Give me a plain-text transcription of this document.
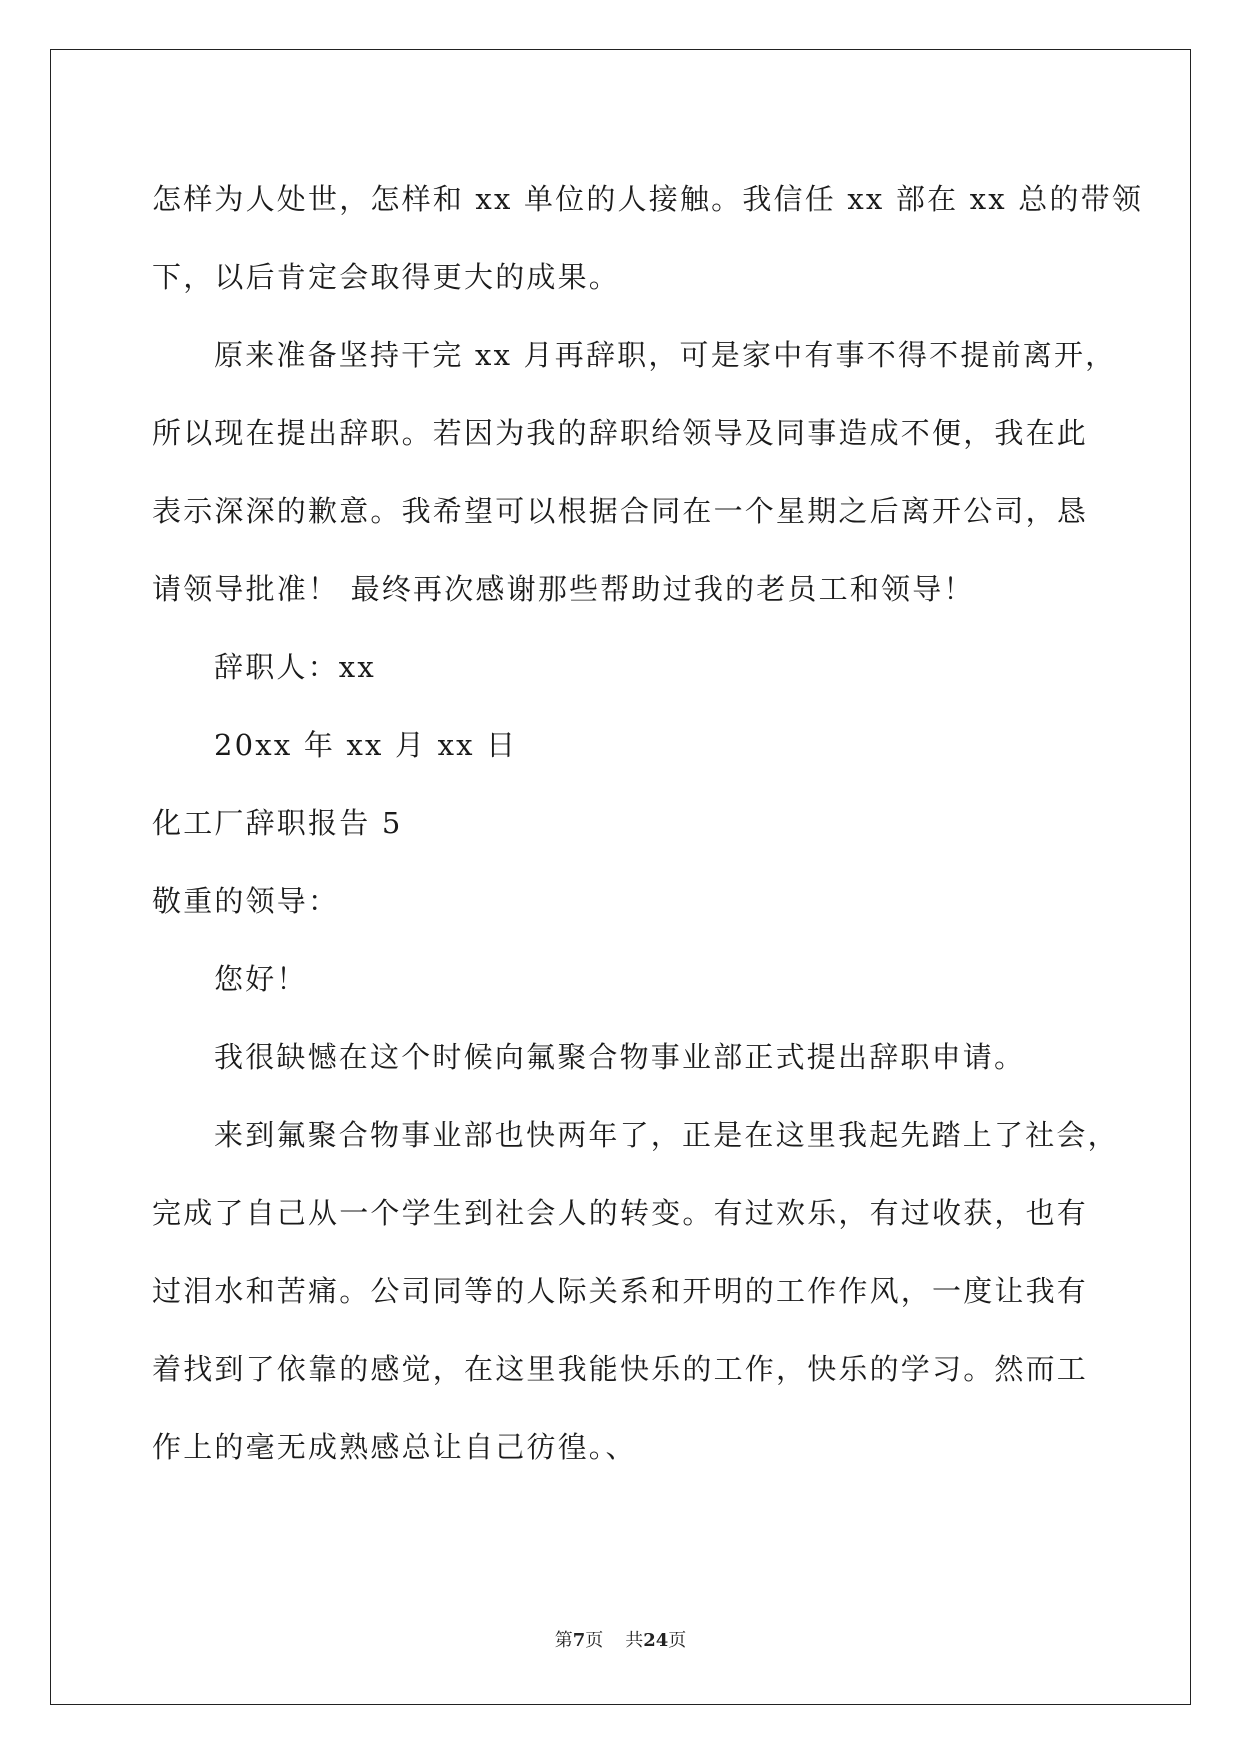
怎样为人处世，怎样和 xx 单位的人接触。我信任 xx 部在 xx 总的带领
下，以后肯定会取得更大的成果。
原来准备坚持干完 xx 月再辞职，可是家中有事不得不提前离开，
所以现在提出辞职。若因为我的辞职给领导及同事造成不便，我在此
表示深深的歉意。我希望可以根据合同在一个星期之后离开公司，恳
请领导批准！ 最终再次感谢那些帮助过我的老员工和领导！
辞职人：xx
20xx 年 xx 月 xx 日
化工厂辞职报告 5
敬重的领导：
您好！
我很缺憾在这个时候向氟聚合物事业部正式提出辞职申请。
来到氟聚合物事业部也快两年了，正是在这里我起先踏上了社会，
完成了自己从一个学生到社会人的转变。有过欢乐，有过收获，也有
过泪水和苦痛。公司同等的人际关系和开明的工作作风，一度让我有
着找到了依靠的感觉，在这里我能快乐的工作，快乐的学习。然而工
作上的毫无成熟感总让自己彷徨。、
第7页 共24页
